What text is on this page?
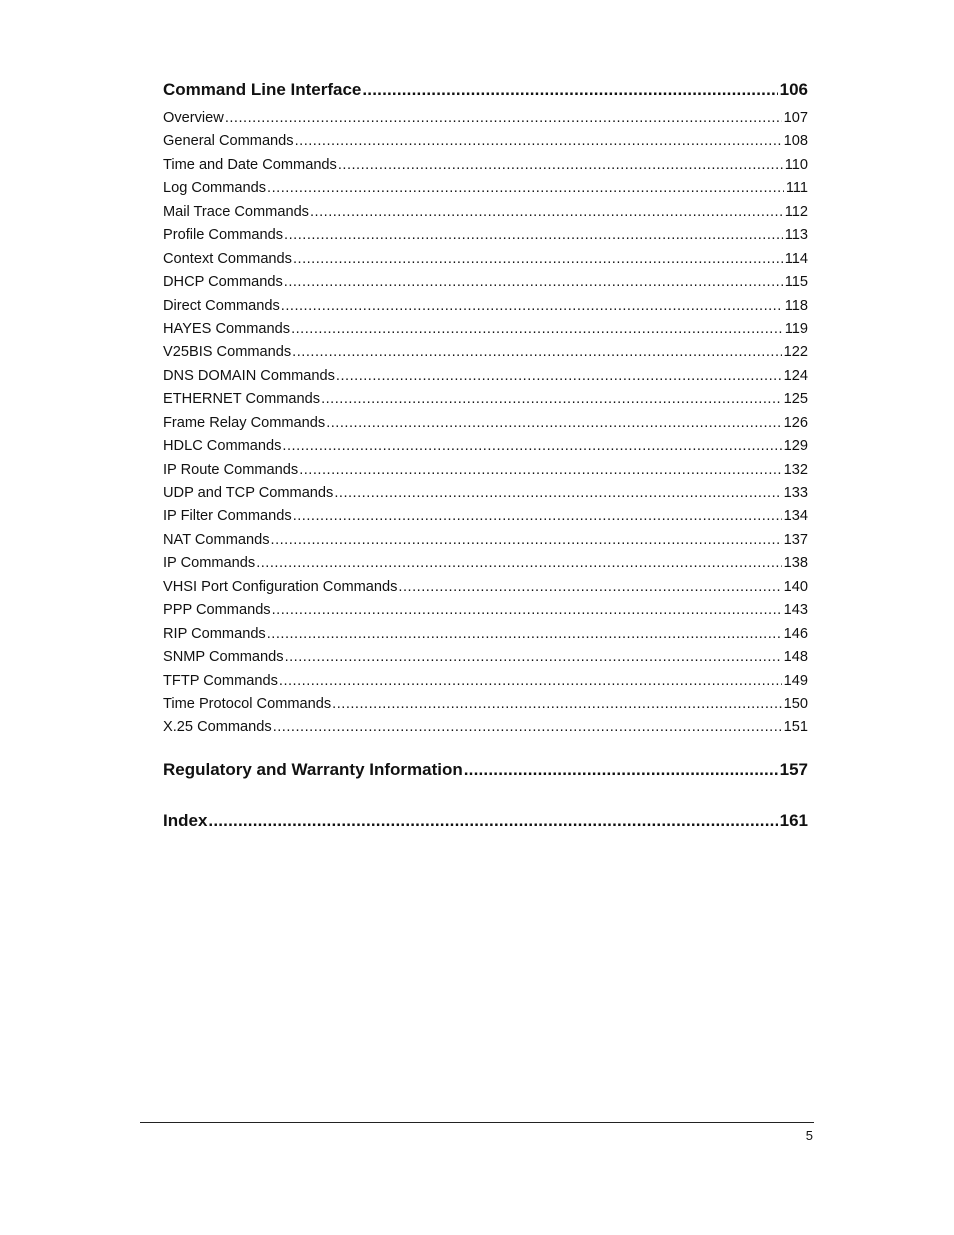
Command Line Interface .....	106
Overview .....	107
General Commands .....	108
Time and Date Commands .....	110
Log Commands .....	111
Mail Trace Commands .....	112
Profile Commands .....	113
Context Commands .....	114
DHCP Commands .....	115
Direct Commands .....	118
HAYES Commands .....	119
V25BIS Commands .....	122
DNS DOMAIN Commands .....	124
ETHERNET Commands .....	125
Frame Relay Commands .....	126
HDLC Commands .....	129
IP Route Commands .....	132
UDP and TCP Commands .....	133
IP Filter Commands .....	134
NAT Commands .....	137
IP Commands .....	138
VHSI Port Configuration Commands .....	140
PPP Commands .....	143
RIP Commands .....	146
SNMP Commands .....	148
TFTP Commands .....	149
Time Protocol Commands .....	150
X.25 Commands .....	151
Regulatory and Warranty Information .....	157
Index .....	161
5
